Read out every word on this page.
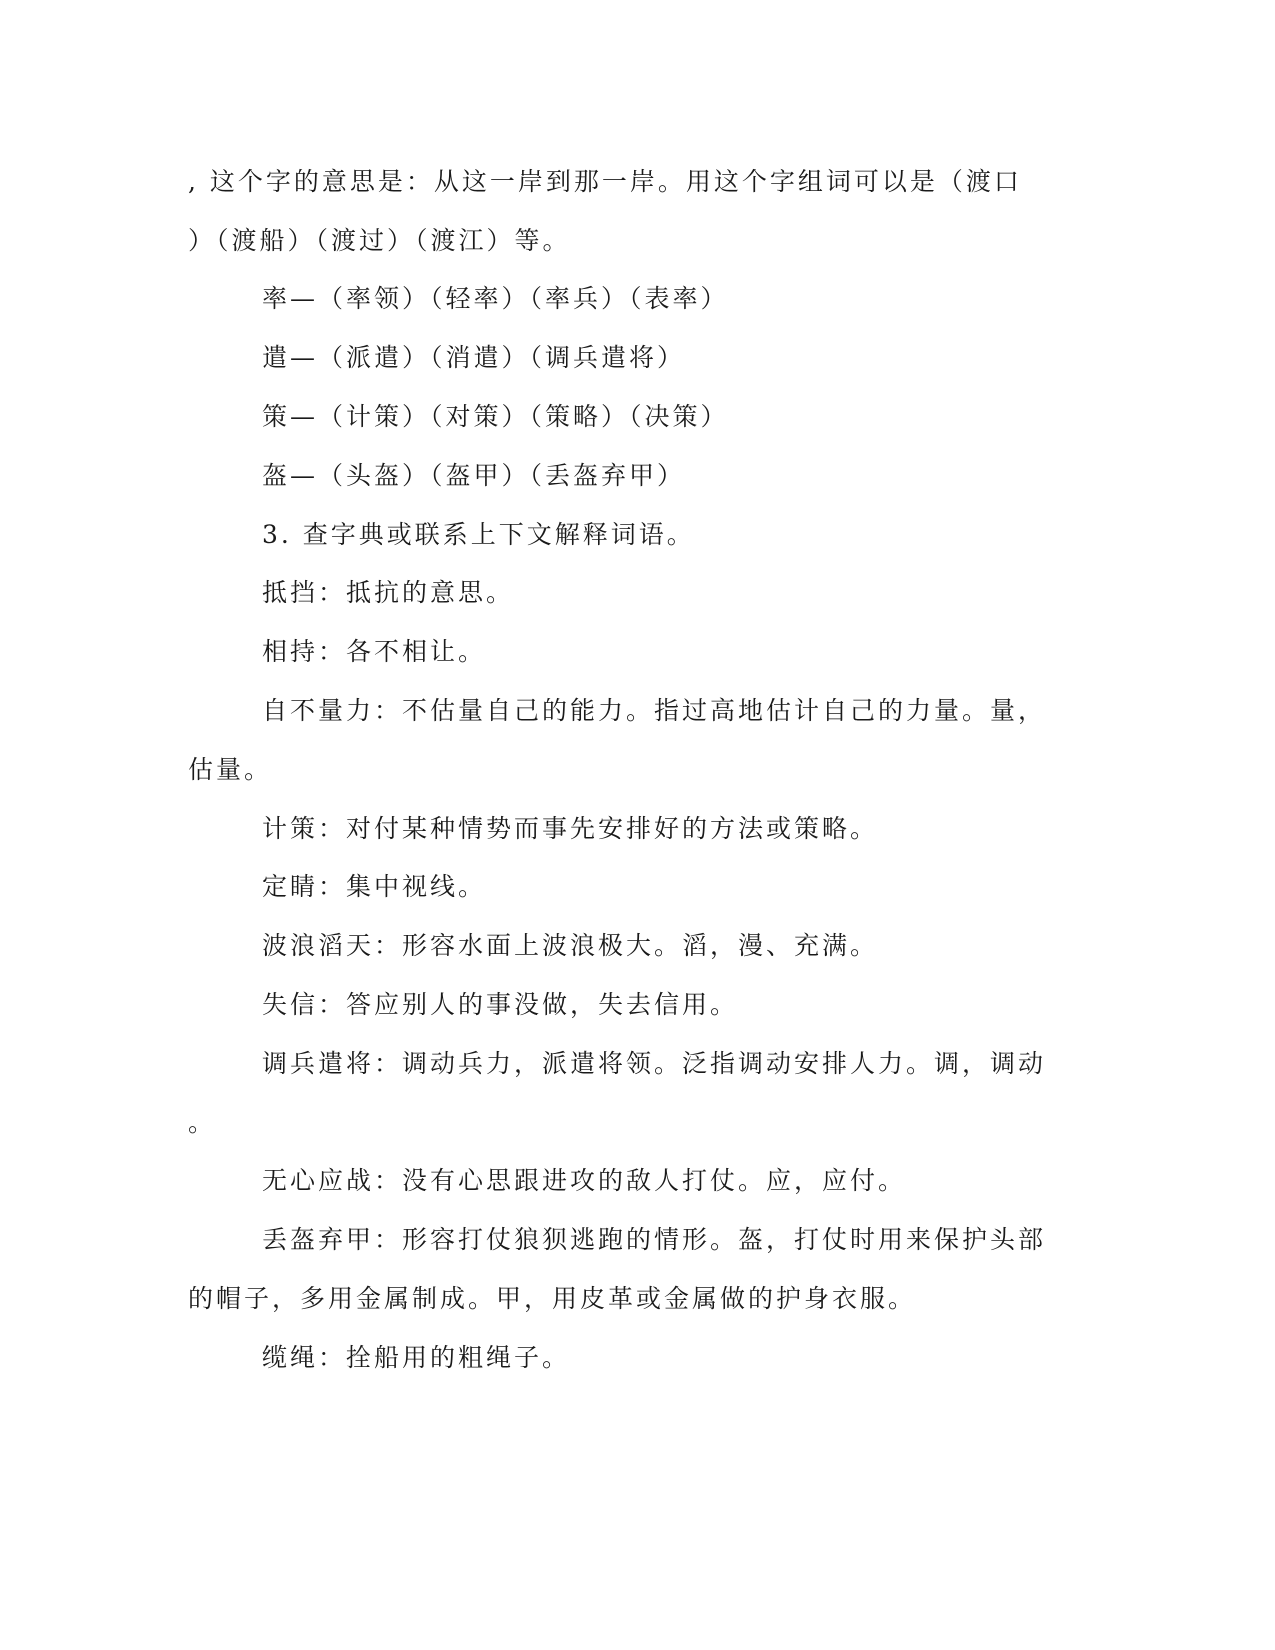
, 这个字的意思是：从这一岸到那一岸。用这个字组词可以是（渡口
）（渡船）（渡过）（渡江）等。
率—（率领）（轻率）（率兵）（表率）
遣—（派遣）（消遣）（调兵遣将）
策—（计策）（对策）（策略）（决策）
盔—（头盔）（盔甲）（丢盔弃甲）
3. 查字典或联系上下文解释词语。
抵挡：抵抗的意思。
相持：各不相让。
自不量力：不估量自己的能力。指过高地估计自己的力量。量，
估量。
计策：对付某种情势而事先安排好的方法或策略。
定睛：集中视线。
波浪滔天：形容水面上波浪极大。滔，漫、充满。
失信：答应别人的事没做，失去信用。
调兵遣将：调动兵力，派遣将领。泛指调动安排人力。调，调动
。
无心应战：没有心思跟进攻的敌人打仗。应，应付。
丢盔弃甲：形容打仗狼狈逃跑的情形。盔，打仗时用来保护头部
的帽子，多用金属制成。甲，用皮革或金属做的护身衣服。
缆绳：拴船用的粗绳子。
